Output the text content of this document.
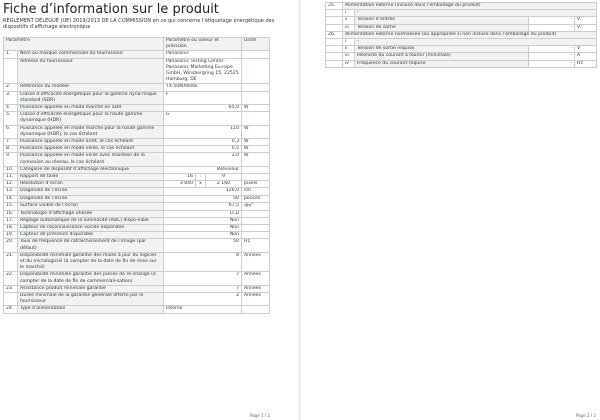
Fiche d’information sur le produit
RÈGLEMENT DÉLÉGUÉ (UE) 2019/2013 DE LA COMMISSION en ce qui concerne l’étiquetage énergétique des dispositifs d’affichage électronique
Paramètre		Paramètre ou valeur et précision			Unité
1.	Nom ou marque commerciale du fournisseur.	Panasonic			
	Adresse du fournisseur.	Panasonic Testing Center - Panasonic Marketing Eu-rope GmbH, Winsbergring 15, 22525 Hamburg, DE			
2.	Référence du modèle	TX-50MX600E			
3.	Classe d’efficacité énergétique pour la gamme dyna-mique standard (SDR)	F			
4.	Puissance appelée en mode marche en SDR	65,0			W
5.	Classe d’efficacité énergétique pour la haute gamme dynamique (HDR)	G			
6.	Puissance appelée en mode marche pour la haute gamme dynamique (HDR), le cas échéant	110			W
7.	Puissance appelée en mode arrêt, le cas échéant	0,3			W
8.	Puissance appelée en mode veille, le cas échéant	0,5			W
9.	Puissance appelée en mode veille avec maintien de la connexion au réseau, le cas échéant	2,0			W
10.	Catégorie de dispositif d’affichage électronique	Téléviseur			
11.	Rapport de taille	16	:	9	
12.	Résolution d’écran	3 840	x	2 160	pixels
13.	Diagonale de l’écran	126,0			cm
14.	Diagonale de l’écran	50			pouces
15.	Surface visible de l’écran	67,5			$dm^2$
16.	Technologie d’affichage utilisée	LCD			
17.	Réglage automatique de la luminosité (ABC) dispo-nible	Non			
18.	Capteur de reconnaissance vocale disponible	Non			
19.	Capteur de présence disponible	Non			
20.	Taux de fréquence de rafraîchissement de l’image (par défaut)	50			Hz
21.	Disponibilité minimale garantie des mises à jour du logiciel et du micrologiciel (à compter de la date de fin de mise sur le marché)	8			Années
22.	Disponibilité minimale garantie des pièces de re-change (à compter de la date de fin de commerciali-sation)	7			Années
23.	Assistance produit minimale garantie	7			Années
	Durée minimale de la garantie générale offerte par le fournisseur	2			Années
24.	Type d’alimentation	Interne			
Page 1 / 2
25.	Alimentation externe (incluse dans l’emballage du produit)			
	i	-		
	ii	Tension d’entrée	-	V
	iii	Tension de sortie	-	V
26.	Alimentation externe normalisée (ou appropriée si non incluse dans l’emballage du produit)			
	i	-		
	ii	Tension de sortie requise	-	V
	iii	Intensité du courant à fournir (minimale)	-	A
	iv	Fréquence du courant requise	-	Hz
Page 2 / 2
